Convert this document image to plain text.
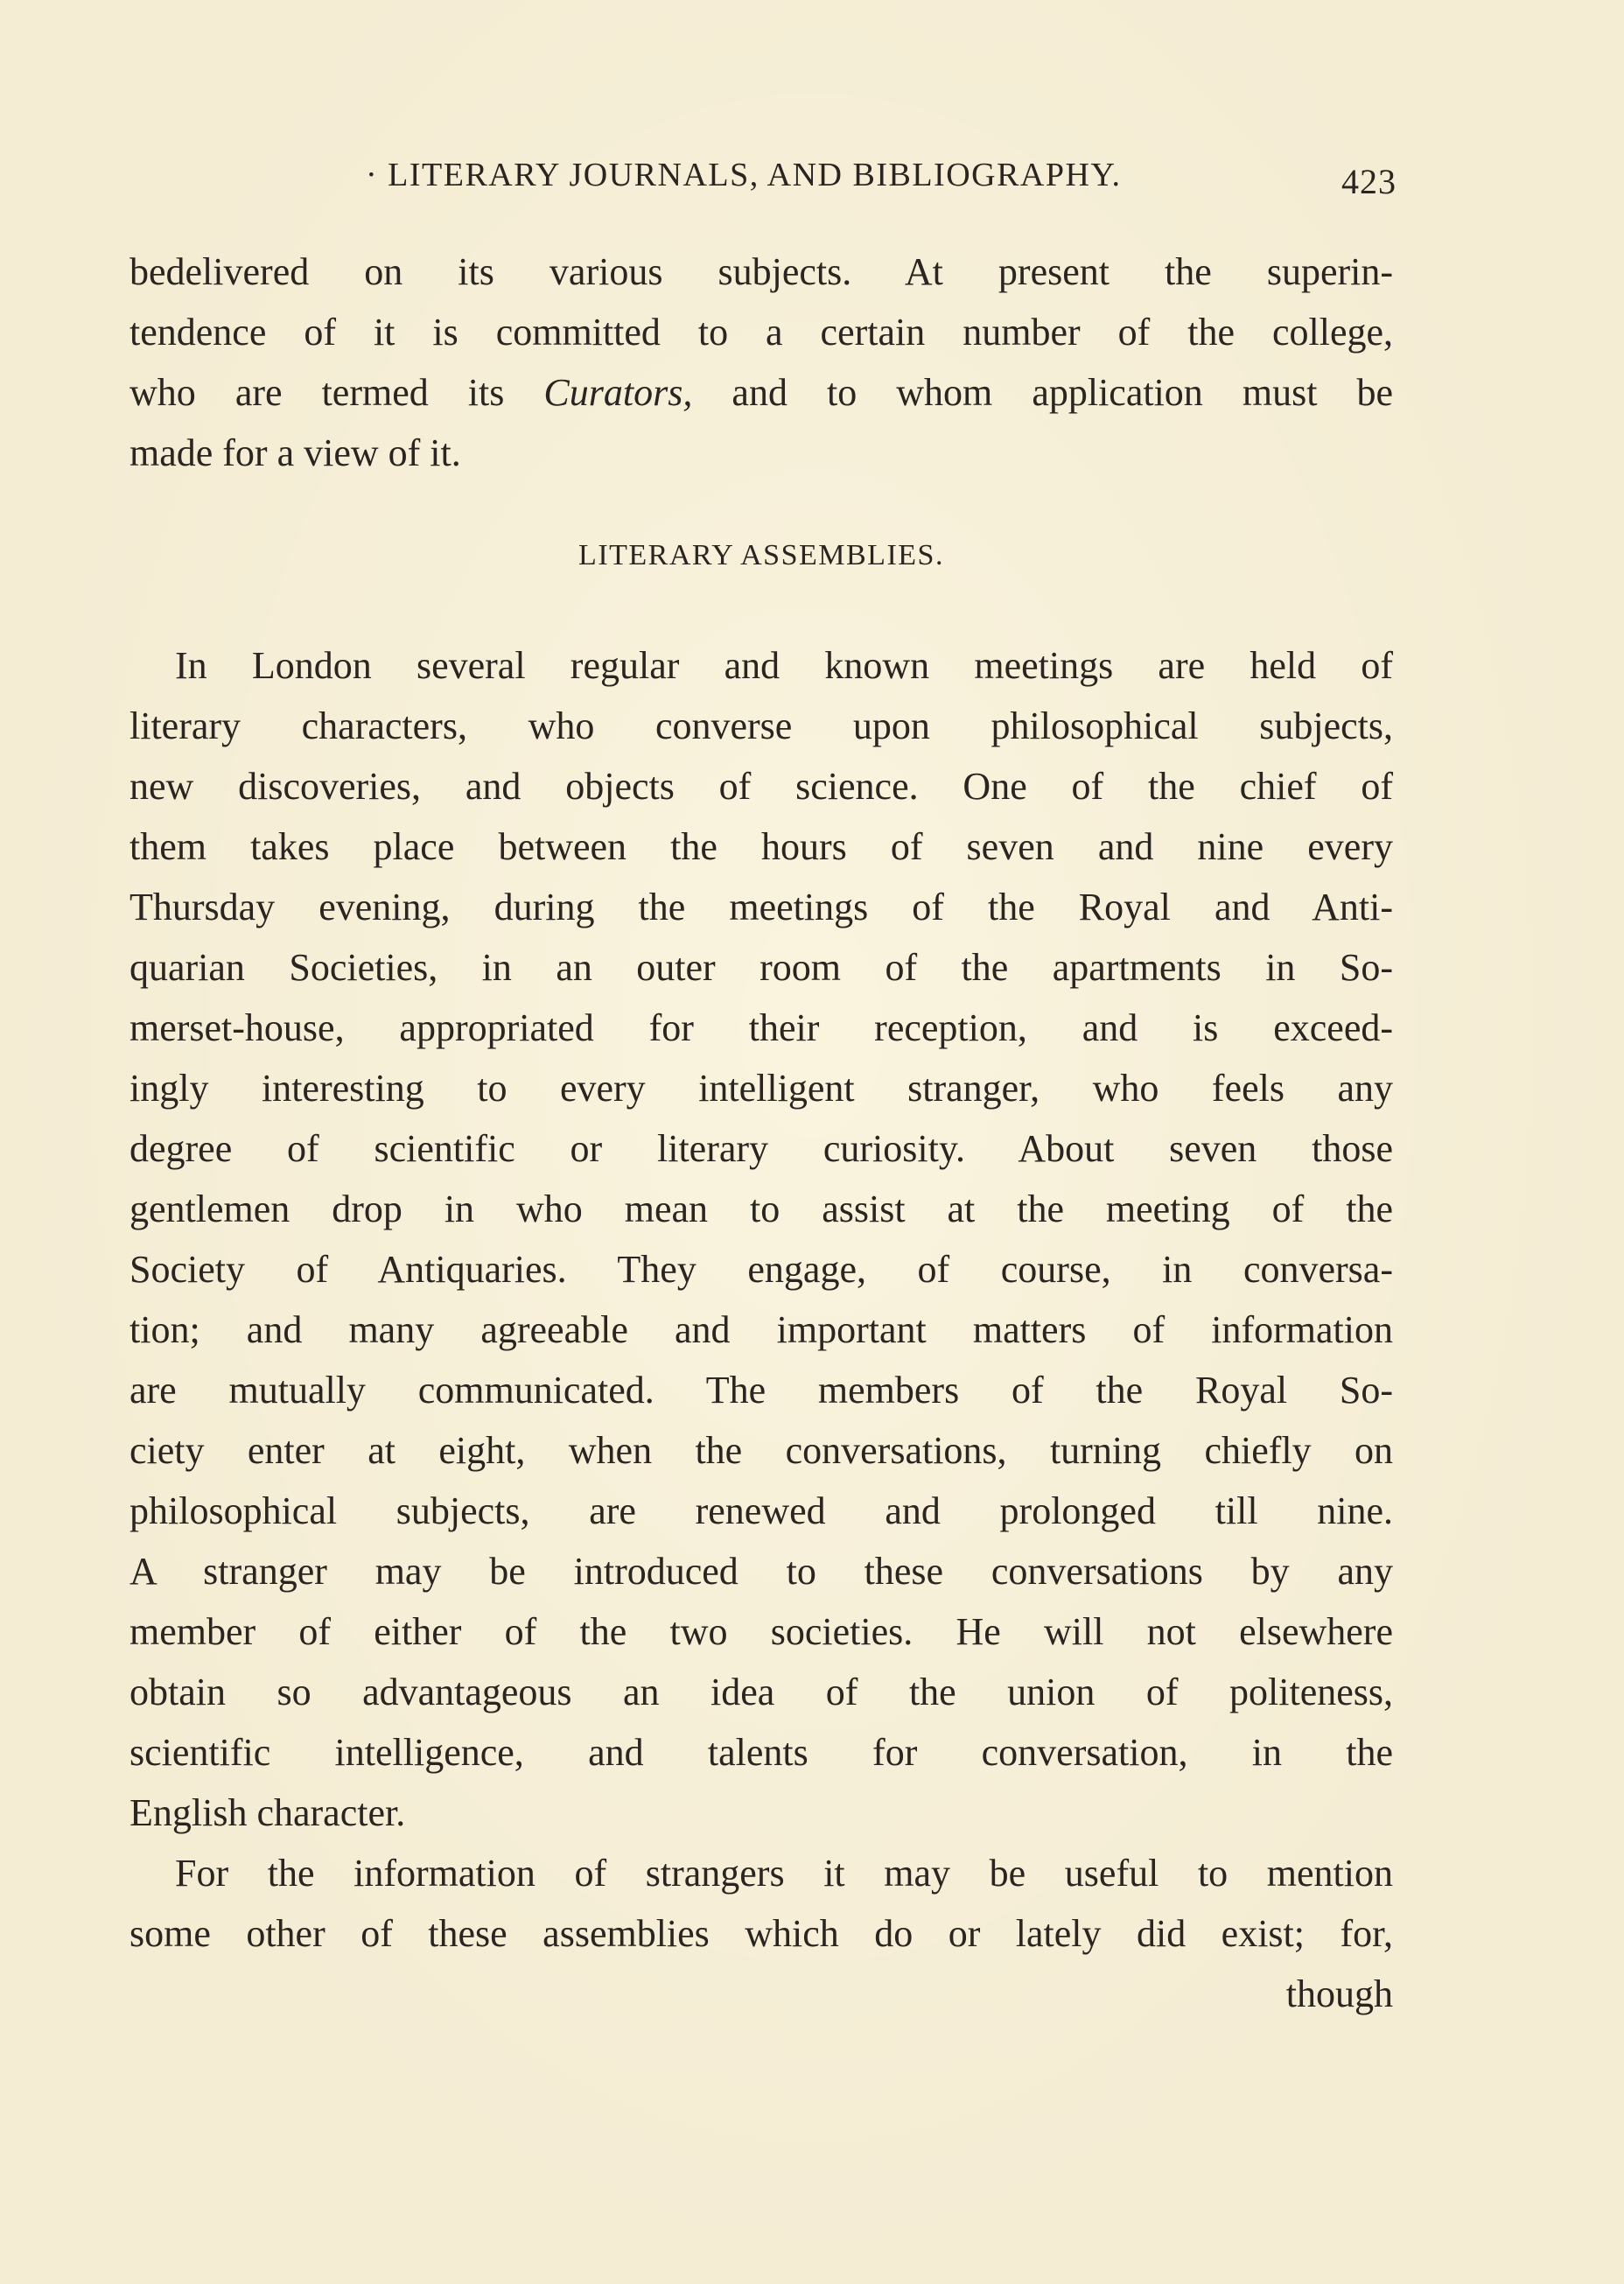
· LITERARY JOURNALS, AND BIBLIOGRAPHY.	423
bedelivered on its various subjects. At present the superin-
tendence of it is committed to a certain number of the college,
who are termed its Curators, and to whom application must be
made for a view of it.
LITERARY ASSEMBLIES.
In London several regular and known meetings are held of
literary characters, who converse upon philosophical subjects,
new discoveries, and objects of science. One of the chief of
them takes place between the hours of seven and nine every
Thursday evening, during the meetings of the Royal and Anti-
quarian Societies, in an outer room of the apartments in So-
merset-house, appropriated for their reception, and is exceed-
ingly interesting to every intelligent stranger, who feels any
degree of scientific or literary curiosity. About seven those
gentlemen drop in who mean to assist at the meeting of the
Society of Antiquaries. They engage, of course, in conversa-
tion; and many agreeable and important matters of information
are mutually communicated. The members of the Royal So-
ciety enter at eight, when the conversations, turning chiefly on
philosophical subjects, are renewed and prolonged till nine.
A stranger may be introduced to these conversations by any
member of either of the two societies. He will not elsewhere
obtain so advantageous an idea of the union of politeness,
scientific intelligence, and talents for conversation, in the
English character.
For the information of strangers it may be useful to mention
some other of these assemblies which do or lately did exist; for,
though
